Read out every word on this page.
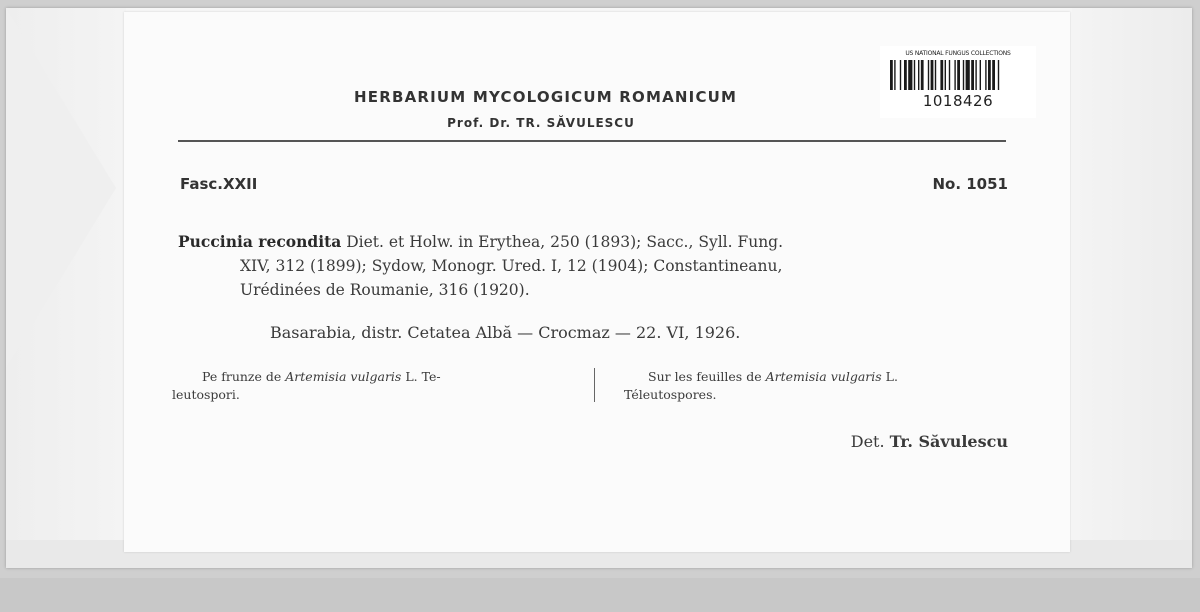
HERBARIUM MYCOLOGICUM ROMANICUM
Prof. Dr. TR. SĂVULESCU
Fasc.XXII	No. 1051
Puccinia recondita Diet. et Holw. in Erythea, 250 (1893); Sacc., Syll. Fung.
XIV, 312 (1899); Sydow, Monogr. Ured. I, 12 (1904); Constantineanu,
Urédinées de Roumanie, 316 (1920).
Basarabia, distr. Cetatea Albă — Crocmaz — 22. VI, 1926.
Pe frunze de Artemisia vulgaris L. Te-
leutospori.
Sur les feuilles de Artemisia vulgaris L.
Téleutospores.
Det. Tr. Săvulescu
US NATIONAL FUNGUS COLLECTIONS
1018426
